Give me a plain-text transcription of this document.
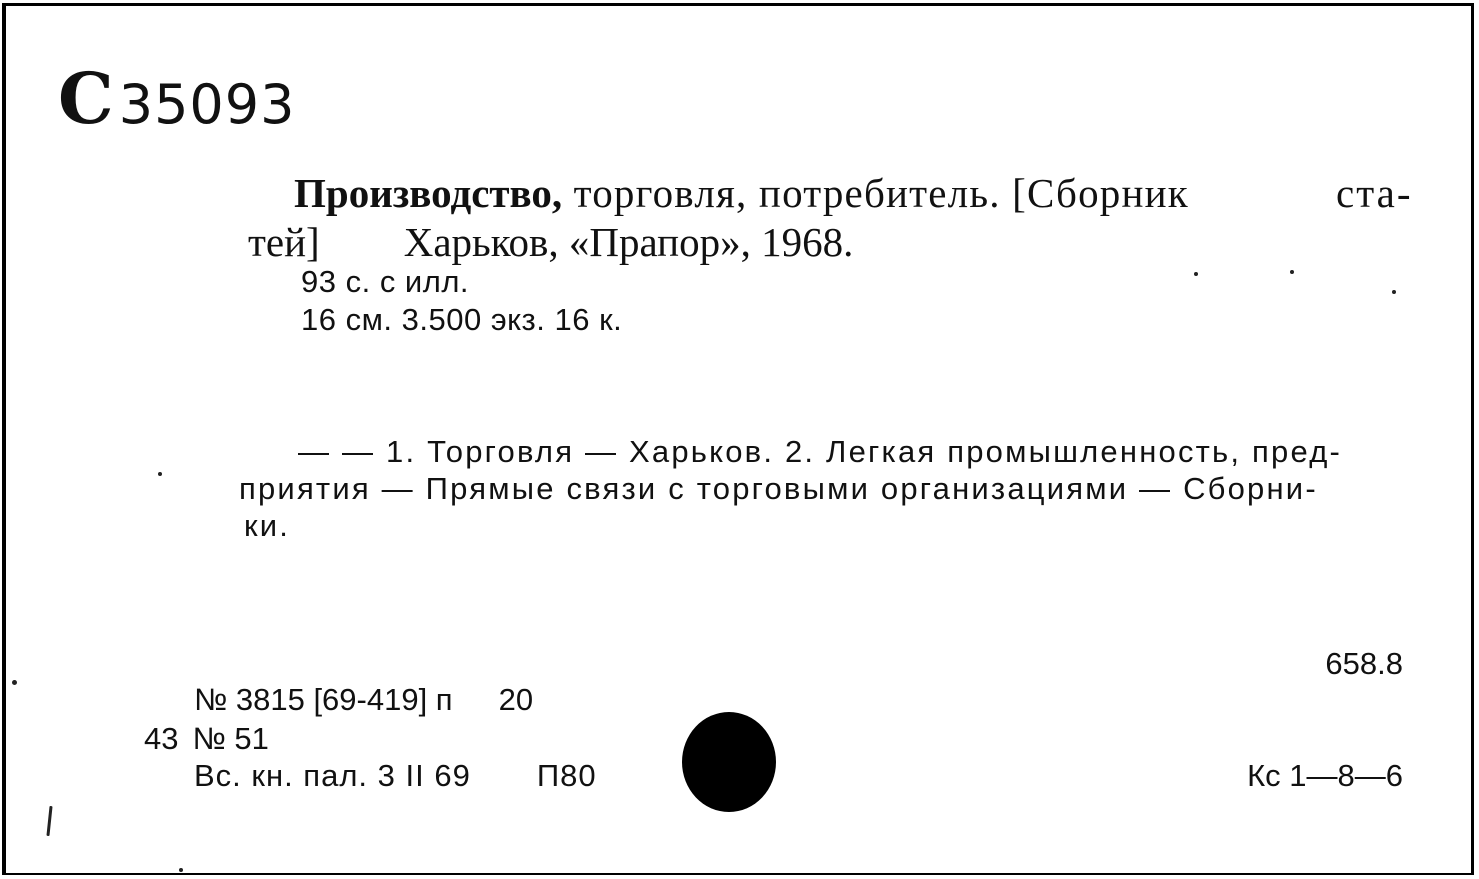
С35093
Производство, торговля, потребитель. [Сборник	ста-
тей] Харьков, «Прапор», 1968.
93 с. с илл.
16 см. 3.500 экз. 16 к.
— — 1. Торговля — Харьков. 2. Легкая промышленность, пред-
приятия — Прямые связи с торговыми организациями — Сборни-
ки.
658.8
№ 3815 [69-419] п 20
43 № 51
Вс. кн. пал. 3 II 69 П80	Кс 1—8—6
